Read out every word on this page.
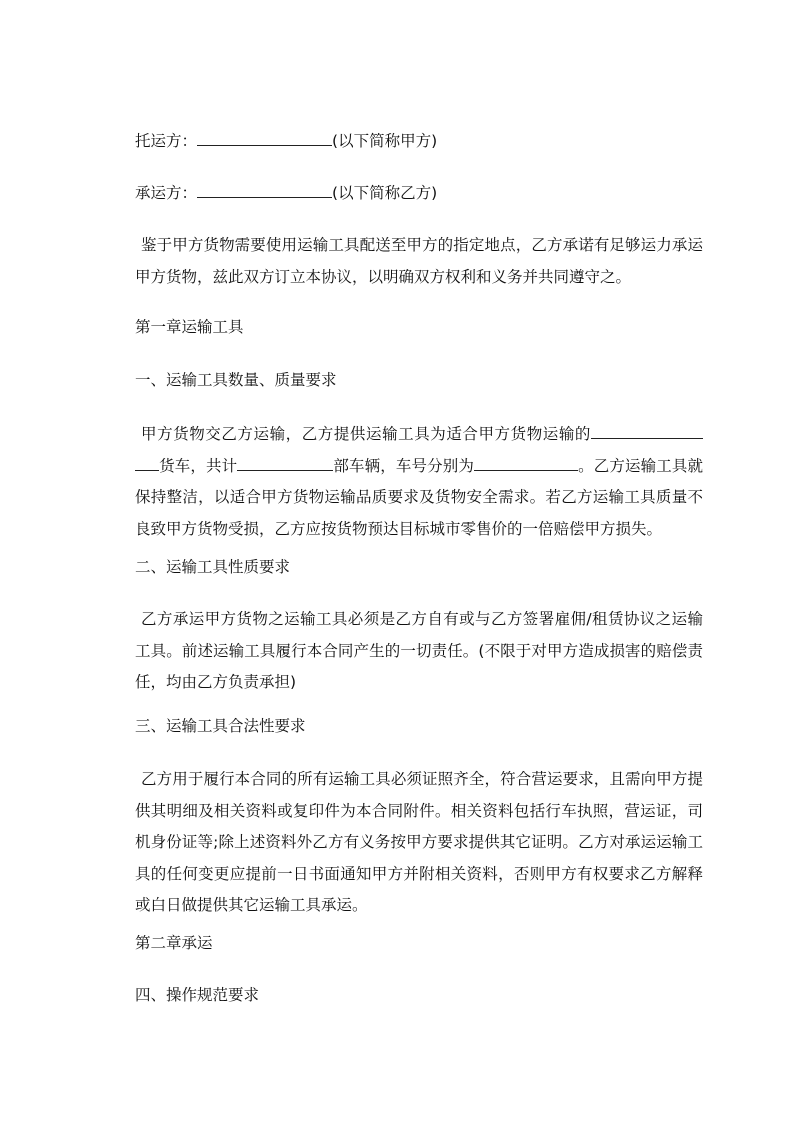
托运方：	(以下简称甲方)

承运方：	(以下简称乙方)

鉴于甲方货物需要使用运输工具配送至甲方的指定地点，乙方承诺有足够运力承运甲方货物，兹此双方订立本协议，以明确双方权利和义务并共同遵守之。

第一章运输工具

一、运输工具数量、质量要求

甲方货物交乙方运输，乙方提供运输工具为适合甲方货物运输的货车，共计	部车辆，车号分别为	。乙方运输工具就保持整洁，以适合甲方货物运输品质要求及货物安全需求。若乙方运输工具质量不良致甲方货物受损，乙方应按货物预达目标城市零售价的一倍赔偿甲方损失。

二、运输工具性质要求

乙方承运甲方货物之运输工具必须是乙方自有或与乙方签署雇佣/租赁协议之运输工具。前述运输工具履行本合同产生的一切责任。(不限于对甲方造成损害的赔偿责任，均由乙方负责承担)

三、运输工具合法性要求

乙方用于履行本合同的所有运输工具必须证照齐全，符合营运要求，且需向甲方提供其明细及相关资料或复印件为本合同附件。相关资料包括行车执照，营运证，司机身份证等;除上述资料外乙方有义务按甲方要求提供其它证明。乙方对承运运输工具的任何变更应提前一日书面通知甲方并附相关资料，否则甲方有权要求乙方解释或白日做提供其它运输工具承运。

第二章承运

四、操作规范要求
